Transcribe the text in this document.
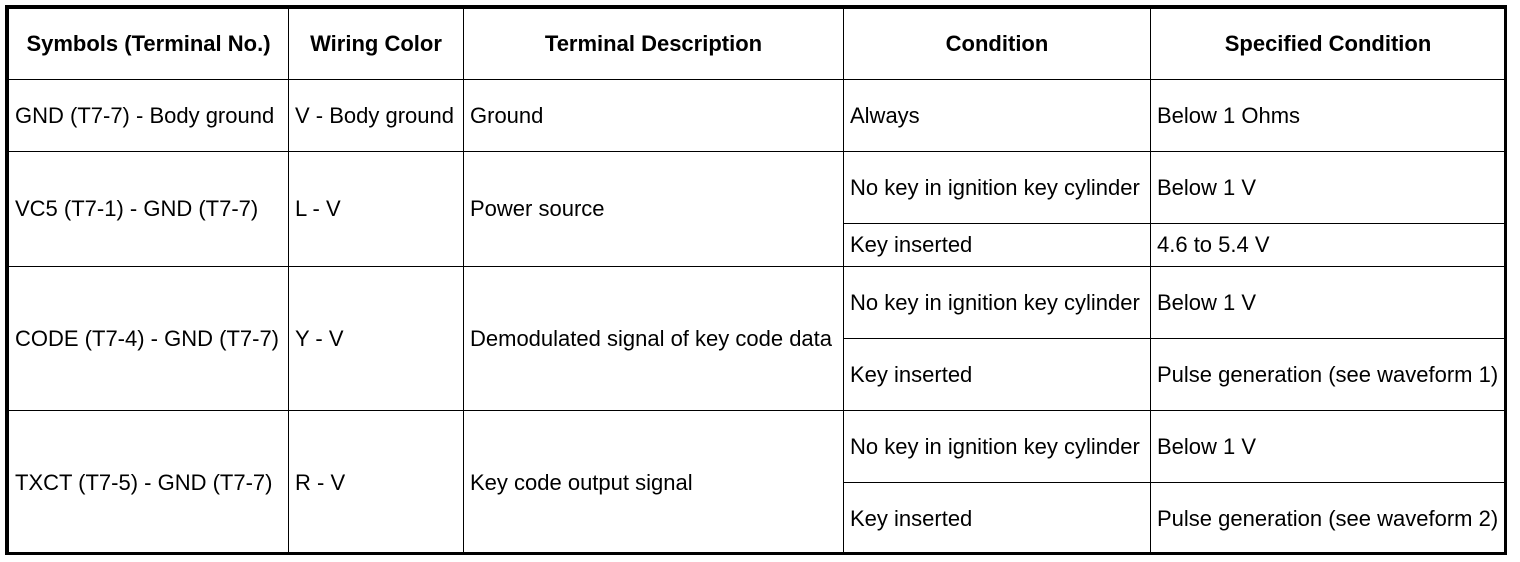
Symbols (Terminal No.)	Wiring Color	Terminal Description	Condition	Specified Condition
GND (T7-7) - Body ground	V - Body ground	Ground	Always	Below 1 Ohms
VC5 (T7-1) - GND (T7-7)	L - V	Power source	No key in ignition key cylinder	Below 1 V
			Key inserted	4.6 to 5.4 V
CODE (T7-4) - GND (T7-7)	Y - V	Demodulated signal of key code data	No key in ignition key cylinder	Below 1 V
			Key inserted	Pulse generation (see waveform 1)
TXCT (T7-5) - GND (T7-7)	R - V	Key code output signal	No key in ignition key cylinder	Below 1 V
			Key inserted	Pulse generation (see waveform 2)
